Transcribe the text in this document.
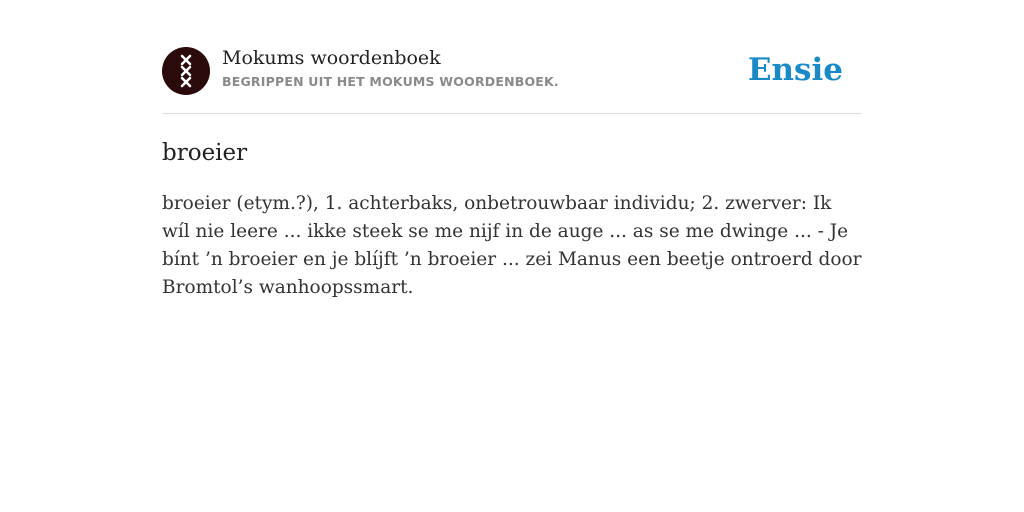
Mokums woordenboek
BEGRIPPEN UIT HET MOKUMS WOORDENBOEK.	Ensie
broeier

broeier (etym.?), 1. achterbaks, onbetrouwbaar individu; 2. zwerver: Ik wíl nie leere ... ikke steek se me nijf in de auge ... as se me dwinge ... - Je bínt ’n broeier en je blíjft ’n broeier ... zei Manus een beetje ontroerd door Bromtol’s wanhoopssmart.
